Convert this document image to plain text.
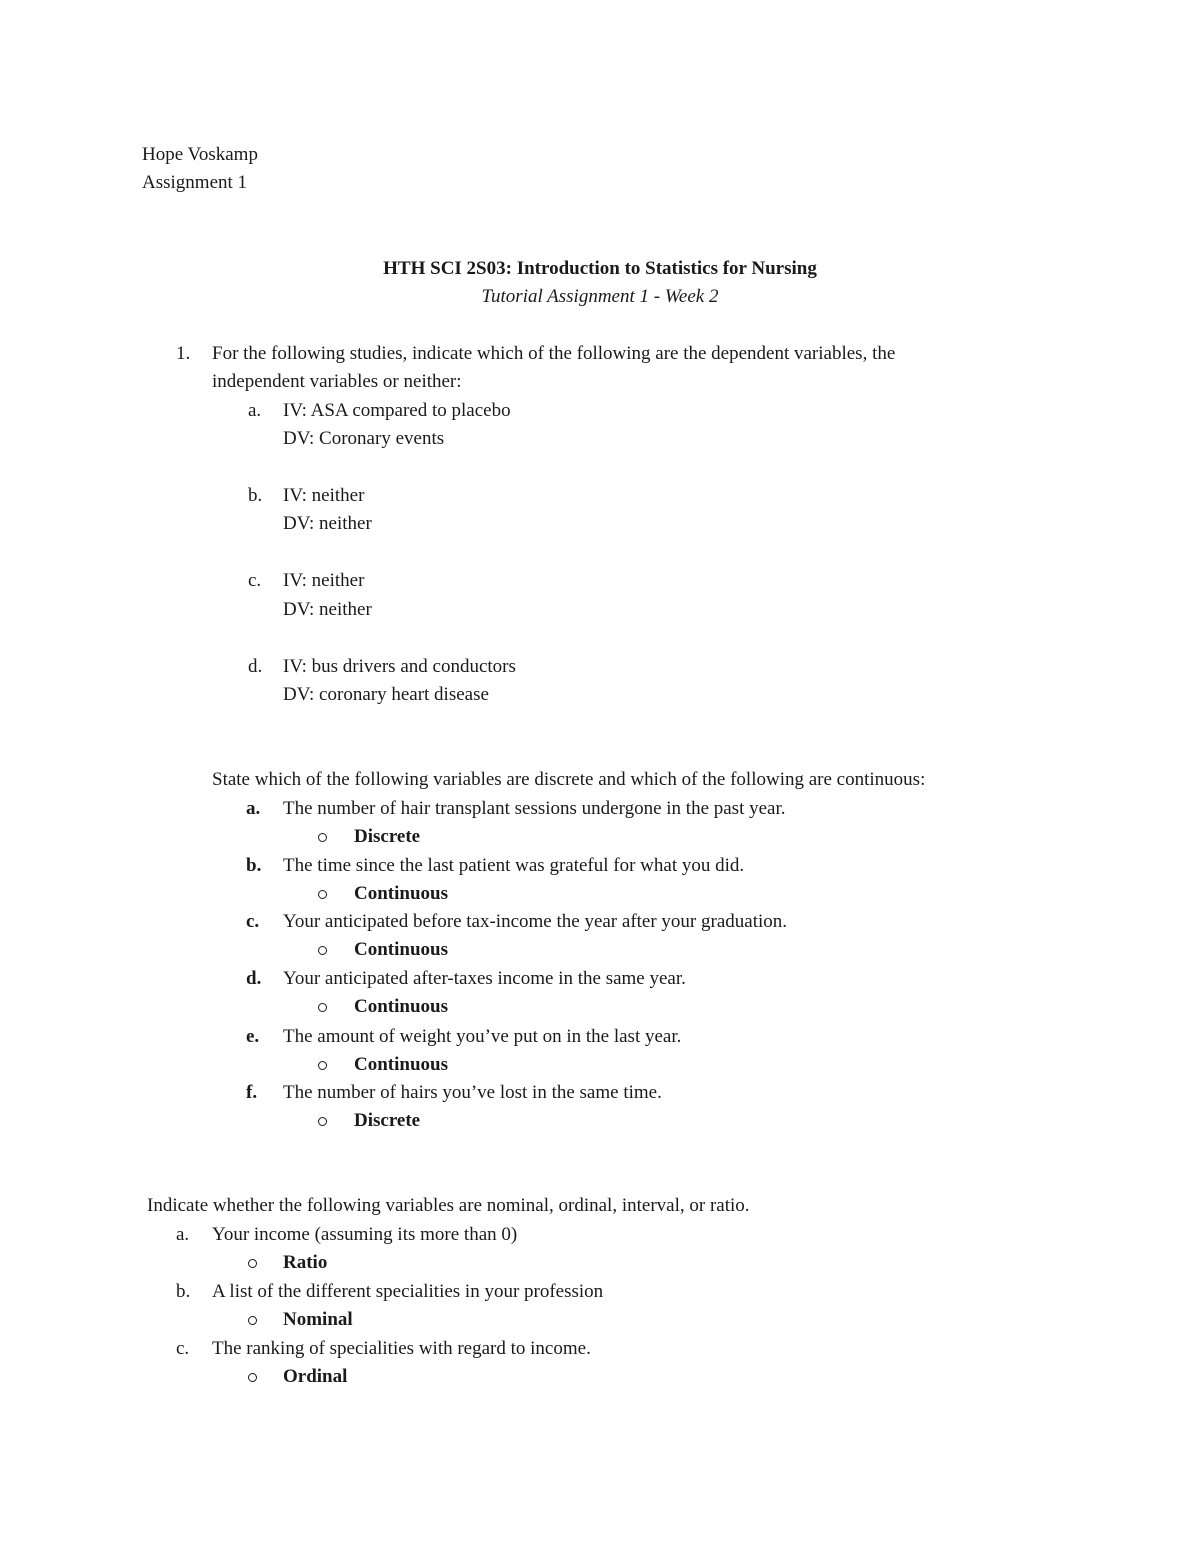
Hope Voskamp
Assignment 1
HTH SCI 2S03: Introduction to Statistics for Nursing
Tutorial Assignment 1 - Week 2
1. For the following studies, indicate which of the following are the dependent variables, the
independent variables or neither:
a. IV: ASA compared to placebo
DV: Coronary events
b. IV: neither
DV: neither
c. IV: neither
DV: neither
d. IV: bus drivers and conductors
DV: coronary heart disease
State which of the following variables are discrete and which of the following are continuous:
a. The number of hair transplant sessions undergone in the past year.
Discrete
b. The time since the last patient was grateful for what you did.
Continuous
c. Your anticipated before tax-income the year after your graduation.
Continuous
d. Your anticipated after-taxes income in the same year.
Continuous
e. The amount of weight you’ve put on in the last year.
Continuous
f. The number of hairs you’ve lost in the same time.
Discrete
Indicate whether the following variables are nominal, ordinal, interval, or ratio.
a. Your income (assuming its more than 0)
Ratio
b. A list of the different specialities in your profession
Nominal
c. The ranking of specialities with regard to income.
Ordinal
